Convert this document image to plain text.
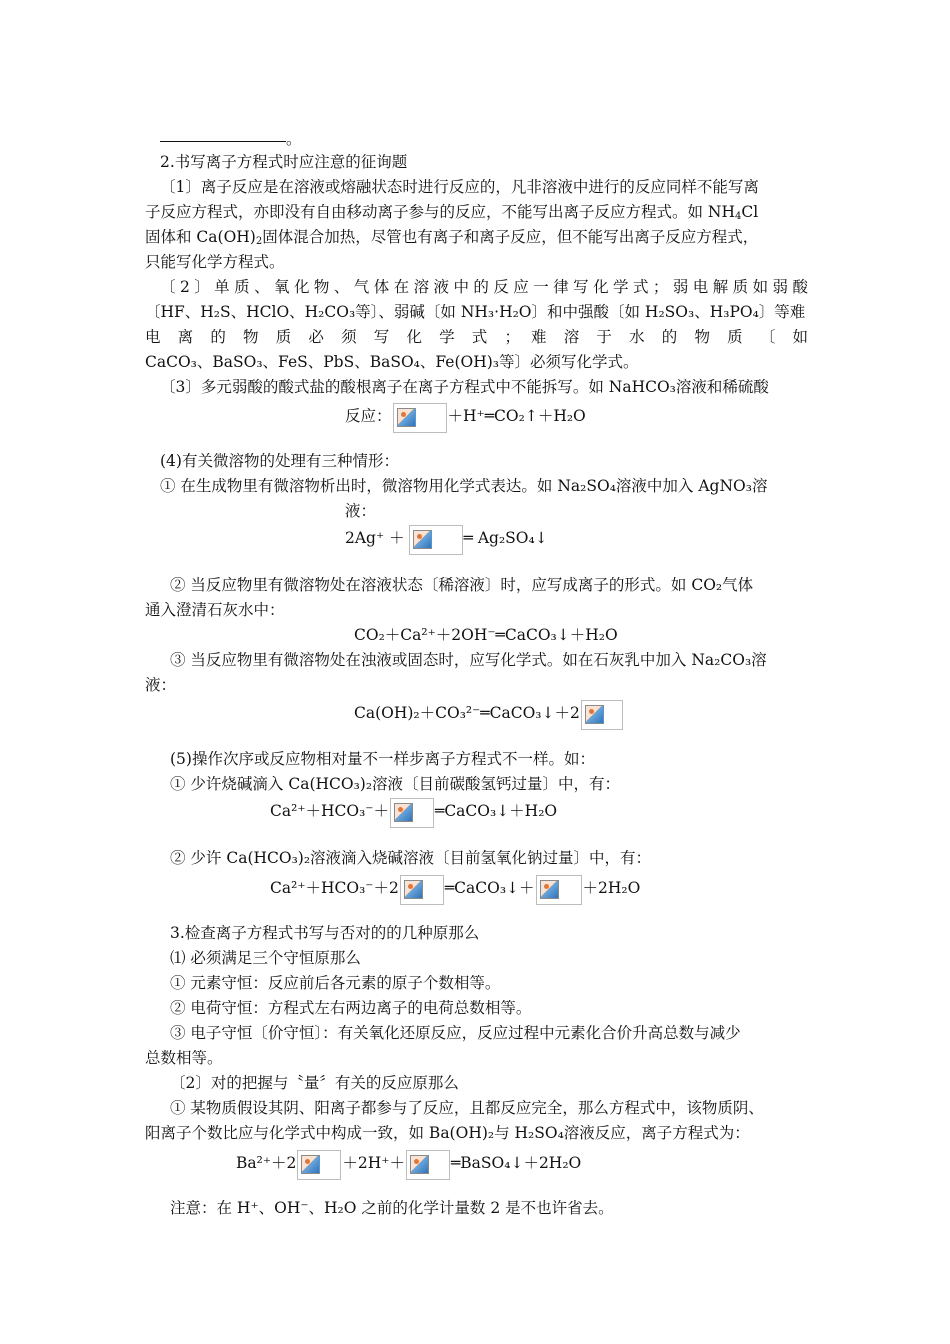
。
2.书写离子方程式时应注意的征询题
〔1〕离子反应是在溶液或熔融状态时进行反应的，凡非溶液中进行的反应同样不能写离
子反应方程式，亦即没有自由移动离子参与的反应，不能写出离子反应方程式。如 $NH_4Cl$
固体和 $Ca(OH)_2$固体混合加热，尽管也有离子和离子反应，但不能写出离子反应方程式，
只能写化学方程式。
〔2〕单质、氧化物、气体在溶液中的反应一律写化学式；弱电解质如弱酸
〔HF、H₂S、HClO、H₂CO₃等〕、弱碱〔如 NH₃·H₂O〕和中强酸〔如 H₂SO₃、H₃PO₄〕等难
电 离 的 物 质 必 须 写 化 学 式 ； 难 溶 于 水 的 物 质 〔 如
CaCO₃、BaSO₃、FeS、PbS、BaSO₄、Fe(OH)₃等〕必须写化学式。
〔3〕多元弱酸的酸式盐的酸根离子在离子方程式中不能拆写。如 NaHCO₃溶液和稀硫酸
反应：	＋H⁺═CO₂↑＋H₂O
(4)有关微溶物的处理有三种情形：
① 在生成物里有微溶物析出时，微溶物用化学式表达。如 Na₂SO₄溶液中加入 AgNO₃溶
液：
2Ag⁺ ＋	═ Ag₂SO₄↓
② 当反应物里有微溶物处在溶液状态〔稀溶液〕时，应写成离子的形式。如 CO₂气体
通入澄清石灰水中：
CO₂＋Ca²⁺＋2OH⁻═CaCO₃↓＋H₂O
③ 当反应物里有微溶物处在浊液或固态时，应写化学式。如在石灰乳中加入 Na₂CO₃溶
液：
Ca(OH)₂＋CO₃²⁻═CaCO₃↓＋2
(5)操作次序或反应物相对量不一样步离子方程式不一样。如：
① 少许烧碱滴入 Ca(HCO₃)₂溶液〔目前碳酸氢钙过量〕中，有：
Ca²⁺＋HCO₃⁻＋	═CaCO₃↓＋H₂O
② 少许 Ca(HCO₃)₂溶液滴入烧碱溶液〔目前氢氧化钠过量〕中，有：
Ca²⁺＋HCO₃⁻＋2	═CaCO₃↓＋	＋2H₂O
3.检查离子方程式书写与否对的的几种原那么
⑴ 必须满足三个守恒原那么
① 元素守恒：反应前后各元素的原子个数相等。
② 电荷守恒：方程式左右两边离子的电荷总数相等。
③ 电子守恒〔价守恒〕：有关氧化还原反应，反应过程中元素化合价升高总数与减少
总数相等。
〔2〕对的把握与〝量〞有关的反应原那么
① 某物质假设其阴、阳离子都参与了反应，且都反应完全，那么方程式中，该物质阴、
阳离子个数比应与化学式中构成一致，如 Ba(OH)₂与 H₂SO₄溶液反应，离子方程式为：
Ba²⁺＋2	＋2H⁺＋	═BaSO₄↓＋2H₂O
注意：在 H⁺、OH⁻、H₂O 之前的化学计量数 2 是不也许省去。
